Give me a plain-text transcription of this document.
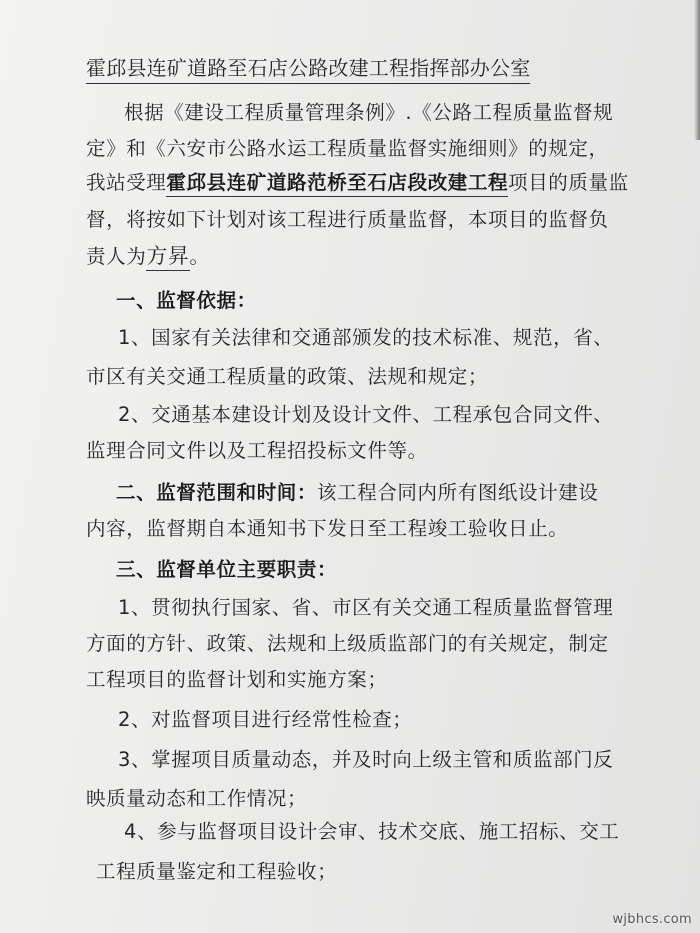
霍邱县连矿道路至石店公路改建工程指挥部办公室
根据《建设工程质量管理条例》.《公路工程质量监督规
定》和《六安市公路水运工程质量监督实施细则》的规定，
我站受理霍邱县连矿道路范桥至石店段改建工程项目的质量监
督，将按如下计划对该工程进行质量监督，本项目的监督负
责人为方昇。
一、监督依据：
1、国家有关法律和交通部颁发的技术标准、规范，省、
市区有关交通工程质量的政策、法规和规定；
2、交通基本建设计划及设计文件、工程承包合同文件、
监理合同文件以及工程招投标文件等。
二、监督范围和时间：该工程合同内所有图纸设计建设
内容，监督期自本通知书下发日至工程竣工验收日止。
三、监督单位主要职责：
1、贯彻执行国家、省、市区有关交通工程质量监督管理
方面的方针、政策、法规和上级质监部门的有关规定，制定
工程项目的监督计划和实施方案；
2、对监督项目进行经常性检查；
3、掌握项目质量动态，并及时向上级主管和质监部门反
映质量动态和工作情况；
4、参与监督项目设计会审、技术交底、施工招标、交工
工程质量鉴定和工程验收；
wjbhcs.com
